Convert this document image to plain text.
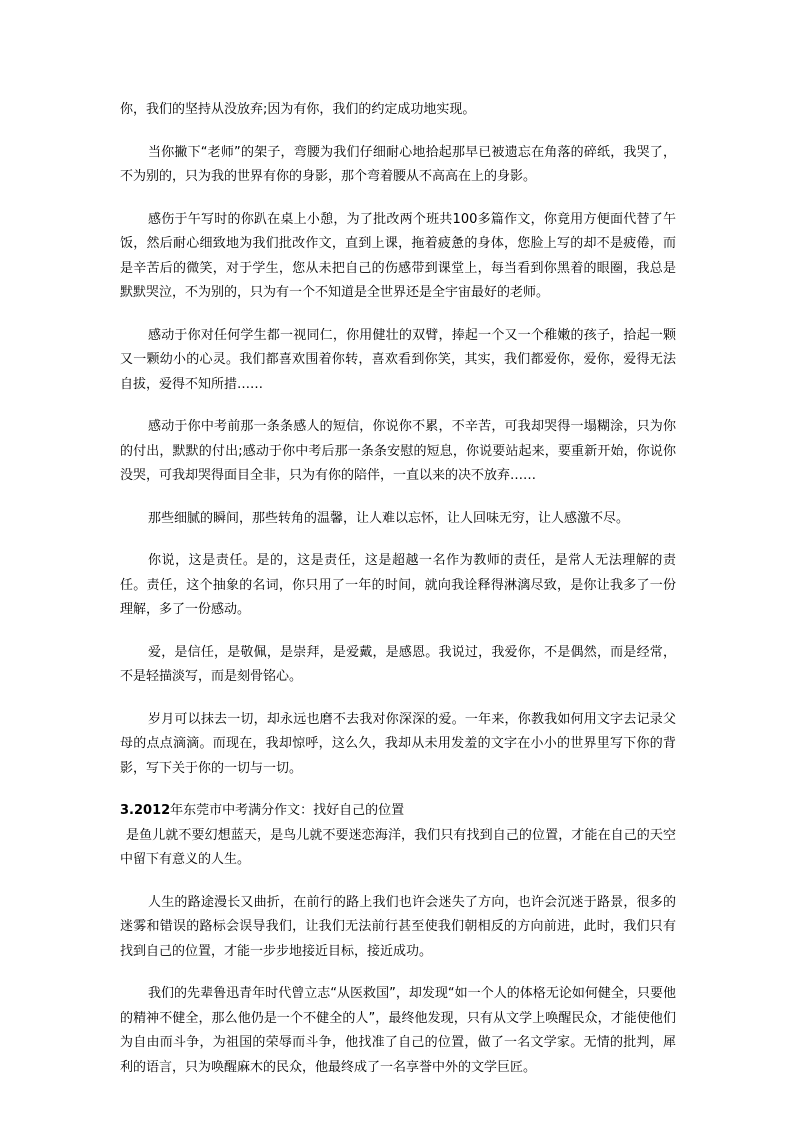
你，我们的坚持从没放弃;因为有你，我们的约定成功地实现。

当你撇下“老师”的架子，弯腰为我们仔细耐心地拾起那早已被遗忘在角落的碎纸，我哭了，不为别的，只为我的世界有你的身影，那个弯着腰从不高高在上的身影。

感伤于午写时的你趴在桌上小憩，为了批改两个班共100多篇作文，你竟用方便面代替了午饭，然后耐心细致地为我们批改作文，直到上课，拖着疲惫的身体，您脸上写的却不是疲倦，而是辛苦后的微笑，对于学生，您从未把自己的伤感带到课堂上，每当看到你黑着的眼圈，我总是默默哭泣，不为别的，只为有一个不知道是全世界还是全宇宙最好的老师。

感动于你对任何学生都一视同仁，你用健壮的双臂，捧起一个又一个稚嫩的孩子，拾起一颗又一颗幼小的心灵。我们都喜欢围着你转，喜欢看到你笑，其实，我们都爱你，爱你，爱得无法自拔，爱得不知所措……

感动于你中考前那一条条感人的短信，你说你不累，不辛苦，可我却哭得一塌糊涂，只为你的付出，默默的付出;感动于你中考后那一条条安慰的短息，你说要站起来，要重新开始，你说你没哭，可我却哭得面目全非，只为有你的陪伴，一直以来的决不放弃……

那些细腻的瞬间，那些转角的温馨，让人难以忘怀，让人回味无穷，让人感激不尽。

你说，这是责任。是的，这是责任，这是超越一名作为教师的责任，是常人无法理解的责任。责任，这个抽象的名词，你只用了一年的时间，就向我诠释得淋漓尽致，是你让我多了一份理解，多了一份感动。

爱，是信任，是敬佩，是崇拜，是爱戴，是感恩。我说过，我爱你，不是偶然，而是经常，不是轻描淡写，而是刻骨铭心。

岁月可以抹去一切，却永远也磨不去我对你深深的爱。一年来，你教我如何用文字去记录父母的点点滴滴。而现在，我却惊呼，这么久，我却从未用发羞的文字在小小的世界里写下你的背影，写下关于你的一切与一切。

3.2012年东莞市中考满分作文：找好自己的位置

是鱼儿就不要幻想蓝天，是鸟儿就不要迷恋海洋，我们只有找到自己的位置，才能在自己的天空中留下有意义的人生。

人生的路途漫长又曲折，在前行的路上我们也许会迷失了方向，也许会沉迷于路景，很多的迷雾和错误的路标会误导我们，让我们无法前行甚至使我们朝相反的方向前进，此时，我们只有找到自己的位置，才能一步步地接近目标，接近成功。

我们的先辈鲁迅青年时代曾立志“从医救国”，却发现“如一个人的体格无论如何健全，只要他的精神不健全，那么他仍是一个不健全的人”，最终他发现，只有从文学上唤醒民众，才能使他们为自由而斗争，为祖国的荣辱而斗争，他找准了自己的位置，做了一名文学家。无情的批判，犀利的语言，只为唤醒麻木的民众，他最终成了一名享誉中外的文学巨匠。
